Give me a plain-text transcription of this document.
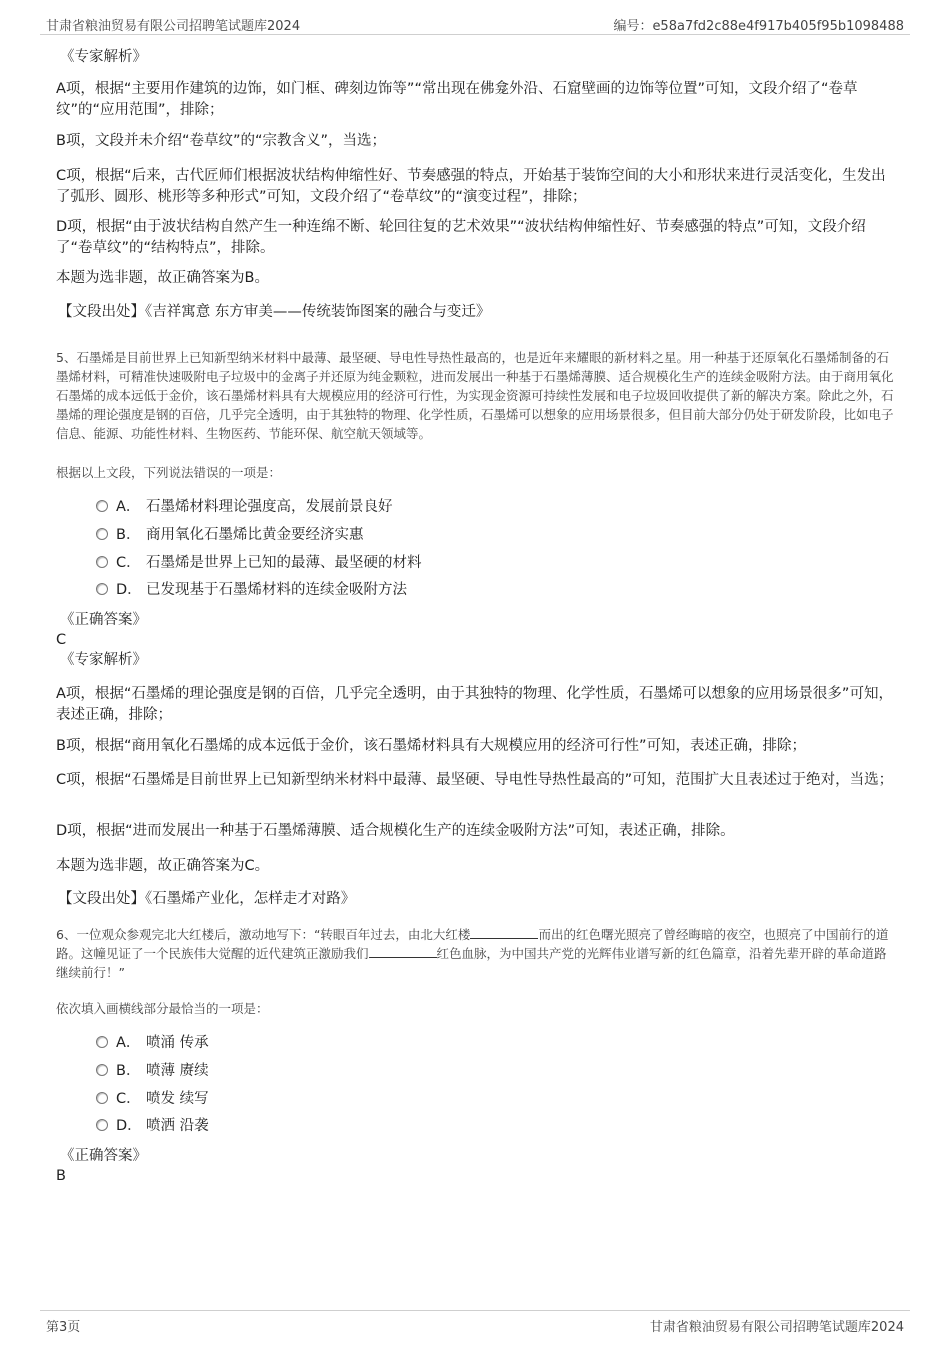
甘肃省粮油贸易有限公司招聘笔试题库2024	编号：e58a7fd2c88e4f917b405f95b1098488

《专家解析》

A项，根据“主要用作建筑的边饰，如门框、碑刻边饰等”“常出现在佛龛外沿、石窟壁画的边饰等位置”可知，文段介绍了“卷草纹”的“应用范围”，排除；

B项，文段并未介绍“卷草纹”的“宗教含义”，当选；

C项，根据“后来，古代匠师们根据波状结构伸缩性好、节奏感强的特点，开始基于装饰空间的大小和形状来进行灵活变化，生发出了弧形、圆形、桃形等多种形式”可知，文段介绍了“卷草纹”的“演变过程”，排除；

D项，根据“由于波状结构自然产生一种连绵不断、轮回往复的艺术效果”“波状结构伸缩性好、节奏感强的特点”可知，文段介绍了“卷草纹”的“结构特点”，排除。

本题为选非题，故正确答案为B。

【文段出处】《吉祥寓意 东方审美——传统装饰图案的融合与变迁》

5、石墨烯是目前世界上已知新型纳米材料中最薄、最坚硬、导电性导热性最高的，也是近年来耀眼的新材料之星。用一种基于还原氧化石墨烯制备的石墨烯材料，可精准快速吸附电子垃圾中的金离子并还原为纯金颗粒，进而发展出一种基于石墨烯薄膜、适合规模化生产的连续金吸附方法。由于商用氧化石墨烯的成本远低于金价，该石墨烯材料具有大规模应用的经济可行性，为实现金资源可持续性发展和电子垃圾回收提供了新的解决方案。除此之外，石墨烯的理论强度是钢的百倍，几乎完全透明，由于其独特的物理、化学性质，石墨烯可以想象的应用场景很多，但目前大部分仍处于研发阶段，比如电子信息、能源、功能性材料、生物医药、节能环保、航空航天领域等。

根据以上文段，下列说法错误的一项是：

A． 石墨烯材料理论强度高，发展前景良好
B． 商用氧化石墨烯比黄金要经济实惠
C． 石墨烯是世界上已知的最薄、最坚硬的材料
D． 已发现基于石墨烯材料的连续金吸附方法

《正确答案》

C

《专家解析》

A项，根据“石墨烯的理论强度是钢的百倍，几乎完全透明，由于其独特的物理、化学性质，石墨烯可以想象的应用场景很多”可知，表述正确，排除；

B项，根据“商用氧化石墨烯的成本远低于金价，该石墨烯材料具有大规模应用的经济可行性”可知，表述正确，排除；

C项，根据“石墨烯是目前世界上已知新型纳米材料中最薄、最坚硬、导电性导热性最高的”可知，范围扩大且表述过于绝对，当选；

D项，根据“进而发展出一种基于石墨烯薄膜、适合规模化生产的连续金吸附方法”可知，表述正确，排除。

本题为选非题，故正确答案为C。

【文段出处】《石墨烯产业化，怎样走才对路》

6、一位观众参观完北大红楼后，激动地写下：“转眼百年过去，由北大红楼	而出的红色曙光照亮了曾经晦暗的夜空，也照亮了中国前行的道路。这幢见证了一个民族伟大觉醒的近代建筑正激励我们	红色血脉，为中国共产党的光辉伟业谱写新的红色篇章，沿着先辈开辟的革命道路继续前行！”

依次填入画横线部分最恰当的一项是：

A． 喷涌 传承
B． 喷薄 赓续
C． 喷发 续写
D． 喷洒 沿袭

《正确答案》

B

第3页	甘肃省粮油贸易有限公司招聘笔试题库2024
